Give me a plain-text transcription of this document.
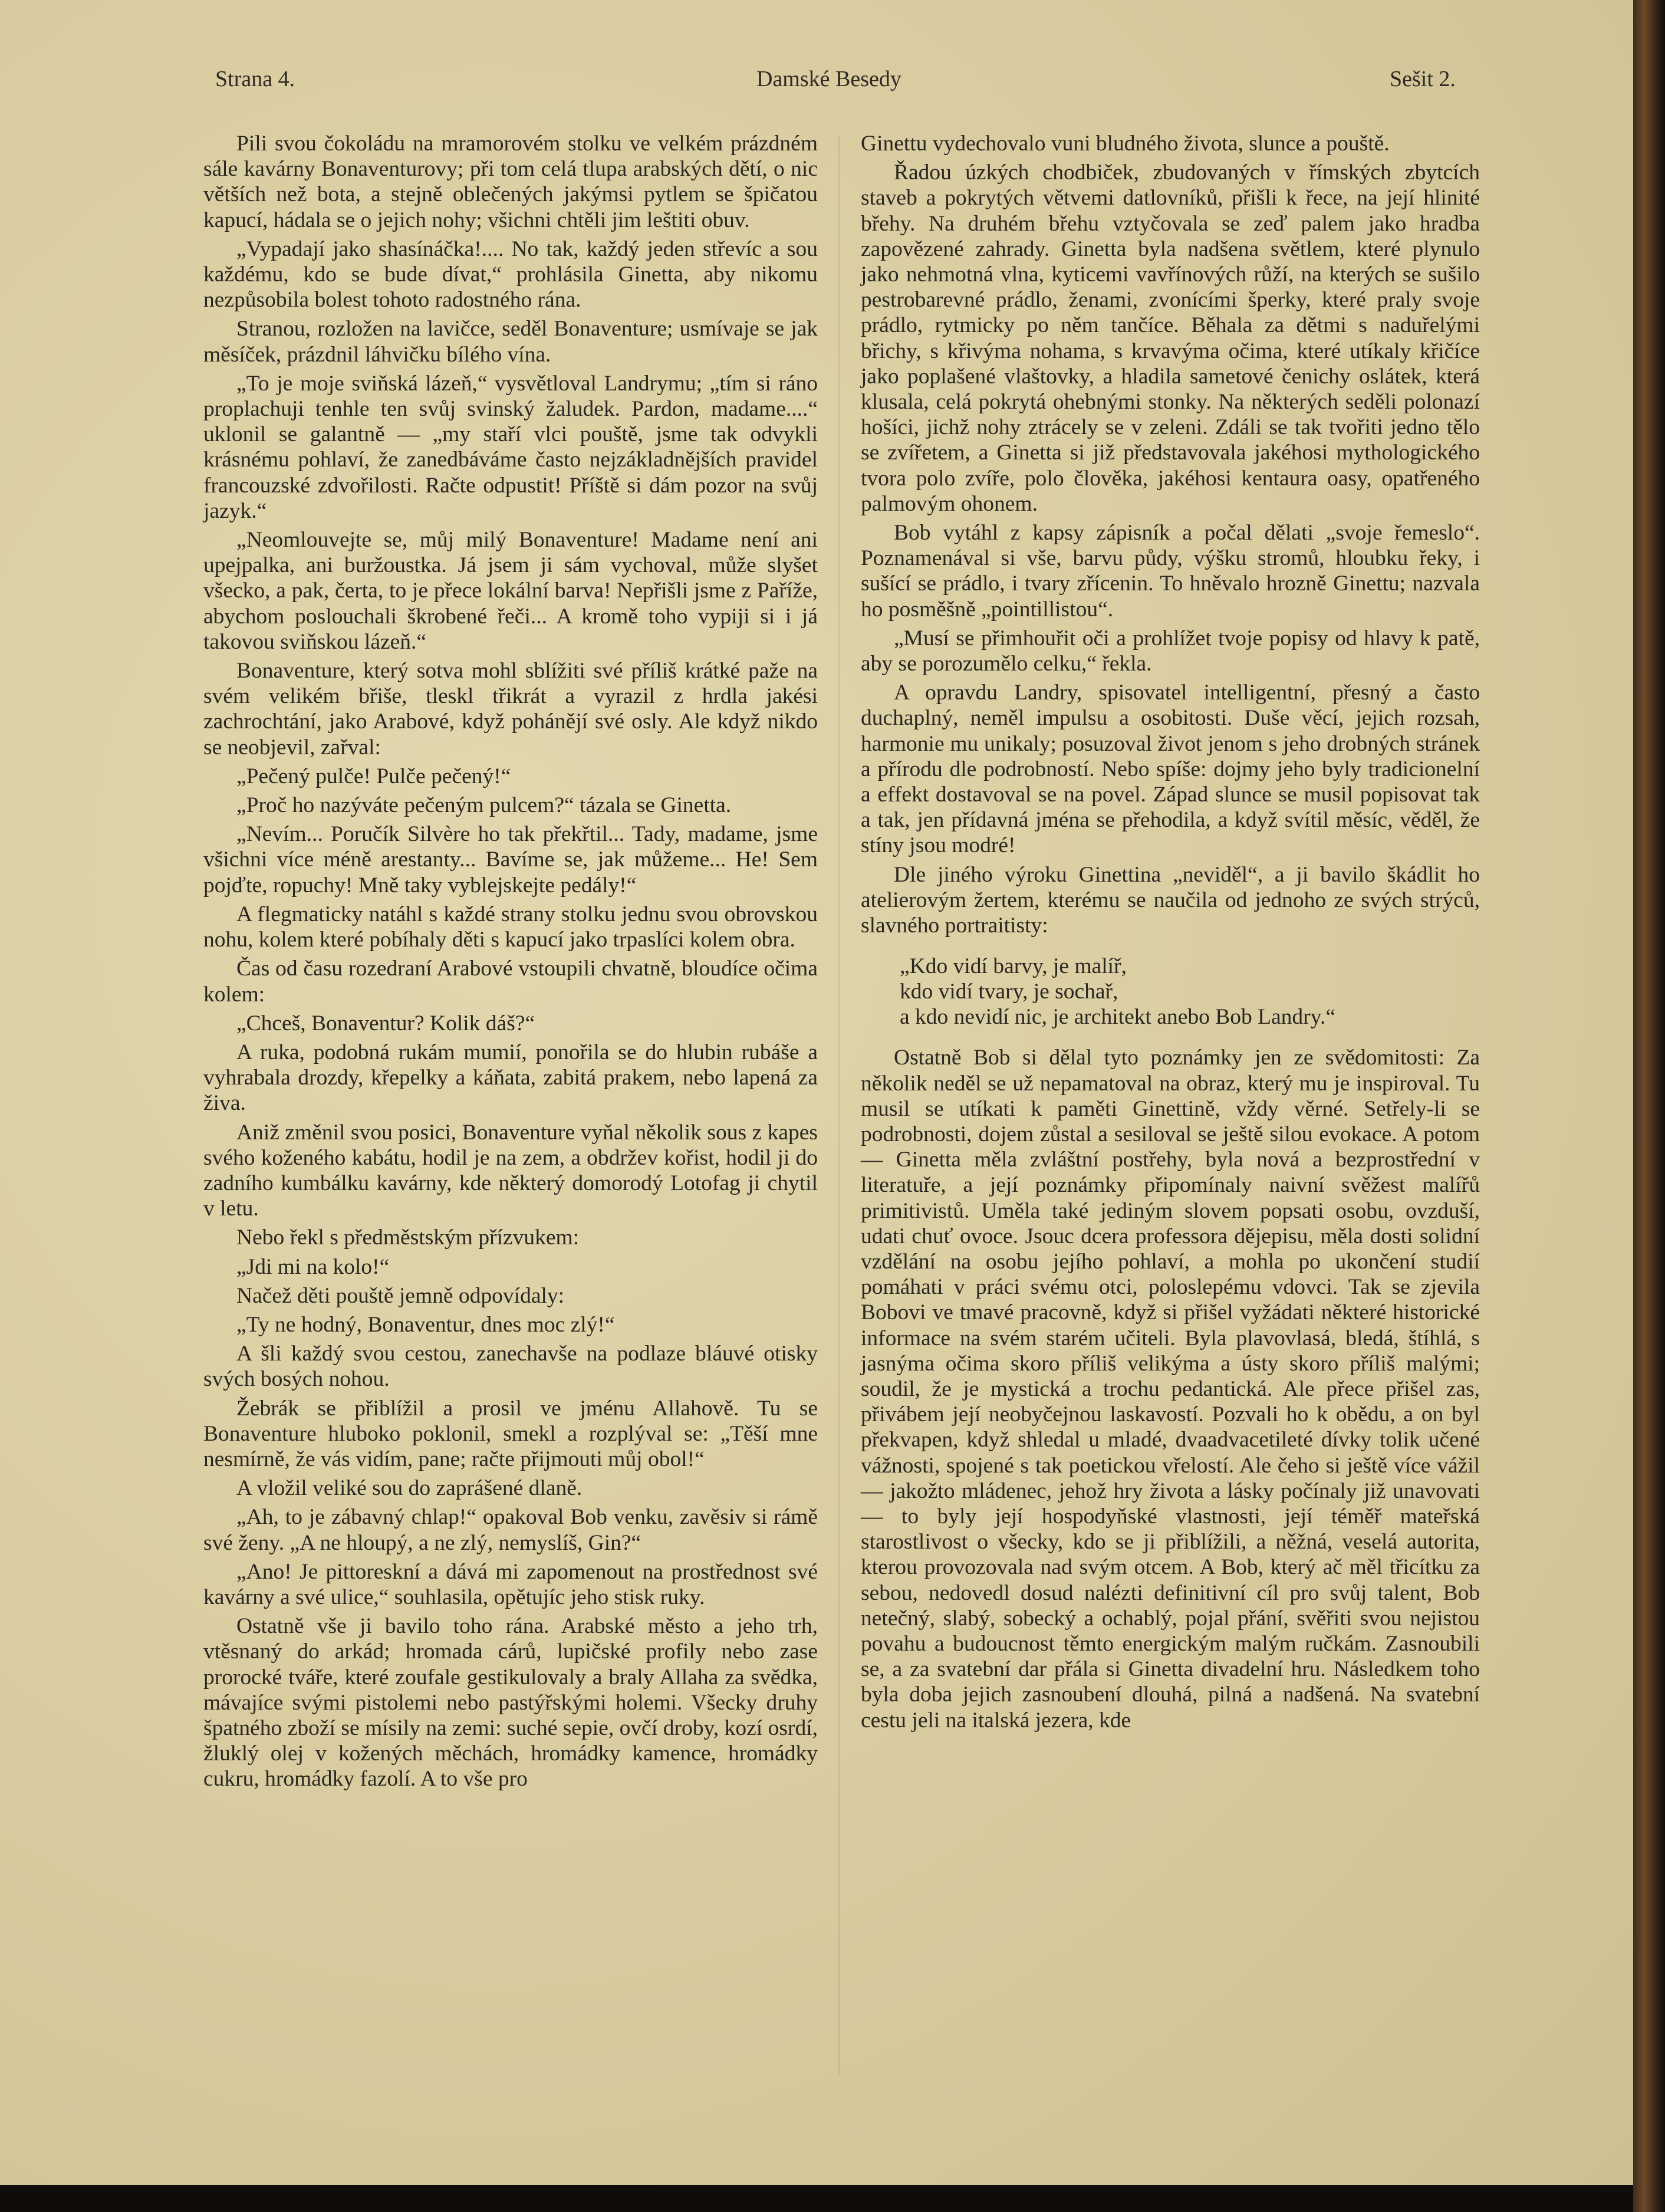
Strana 4.	Damské Besedy	Sešit 2.

Pili svou čokoládu na mramorovém stolku ve velkém prázdném sále kavárny Bonaventurovy; při tom celá tlupa arabských dětí, o nic větších než bota, a stejně oblečených jakýmsi pytlem se špičatou kapucí, hádala se o jejich nohy; všichni chtěli jim leštiti obuv.

„Vypadají jako shasínáčka!.... No tak, každý jeden střevíc a sou každému, kdo se bude dívat,“ prohlásila Ginetta, aby nikomu nezpůsobila bolest tohoto radostného rána.

Stranou, rozložen na lavičce, seděl Bonaventure; usmívaje se jak měsíček, prázdnil láhvičku bílého vína.

„To je moje sviňská lázeň,“ vysvětloval Landrymu; „tím si ráno proplachuji tenhle ten svůj svinský žaludek. Pardon, madame....“ uklonil se galantně — „my staří vlci pouště, jsme tak odvykli krásnému pohlaví, že zanedbáváme často nejzákladnějších pravidel francouzské zdvořilosti. Račte odpustit! Příště si dám pozor na svůj jazyk.“

„Neomlouvejte se, můj milý Bonaventure! Madame není ani upejpalka, ani buržoustka. Já jsem ji sám vychoval, může slyšet všecko, a pak, čerta, to je přece lokální barva! Nepřišli jsme z Paříže, abychom poslouchali škrobené řeči... A kromě toho vypiji si i já takovou sviňskou lázeň.“

Bonaventure, který sotva mohl sblížiti své příliš krátké paže na svém velikém břiše, tleskl třikrát a vyrazil z hrdla jakési zachrochtání, jako Arabové, když pohánějí své osly. Ale když nikdo se neobjevil, zařval:

„Pečený pulče! Pulče pečený!“

„Proč ho nazýváte pečeným pulcem?“ tázala se Ginetta.

„Nevím... Poručík Silvère ho tak překřtil... Tady, madame, jsme všichni více méně arestanty... Bavíme se, jak můžeme... He! Sem pojďte, ropuchy! Mně taky vyblejskejte pedály!“

A flegmaticky natáhl s každé strany stolku jednu svou obrovskou nohu, kolem které pobíhaly děti s kapucí jako trpaslíci kolem obra.

Čas od času rozedraní Arabové vstoupili chvatně, bloudíce očima kolem:

„Chceš, Bonaventur? Kolik dáš?“

A ruka, podobná rukám mumií, ponořila se do hlubin rubáše a vyhrabala drozdy, křepelky a káňata, zabitá prakem, nebo lapená za živa.

Aniž změnil svou posici, Bonaventure vyňal několik sous z kapes svého koženého kabátu, hodil je na zem, a obdržev kořist, hodil ji do zadního kumbálku kavárny, kde některý domorodý Lotofag ji chytil v letu.

Nebo řekl s předměstským přízvukem:

„Jdi mi na kolo!“

Načež děti pouště jemně odpovídaly:

„Ty ne hodný, Bonaventur, dnes moc zlý!“

A šli každý svou cestou, zanechavše na podlaze bláuvé otisky svých bosých nohou.

Žebrák se přiblížil a prosil ve jménu Allahově. Tu se Bonaventure hluboko poklonil, smekl a rozplýval se: „Těší mne nesmírně, že vás vidím, pane; račte přijmouti můj obol!“

A vložil veliké sou do zaprášené dlaně.

„Ah, to je zábavný chlap!“ opakoval Bob venku, zavěsiv si rámě své ženy. „A ne hloupý, a ne zlý, nemyslíš, Gin?“

„Ano! Je pittoreskní a dává mi zapomenout na prostřednost své kavárny a své ulice,“ souhlasila, opětujíc jeho stisk ruky.

Ostatně vše ji bavilo toho rána. Arabské město a jeho trh, vtěsnaný do arkád; hromada cárů, lupičské profily nebo zase prorocké tváře, které zoufale gestikulovaly a braly Allaha za svědka, mávajíce svými pistolemi nebo pastýřskými holemi. Všecky druhy špatného zboží se mísily na zemi: suché sepie, ovčí droby, kozí osrdí, žluklý olej v kožených měchách, hromádky kamence, hromádky cukru, hromádky fazolí. A to vše pro

Ginettu vydechovalo vuni bludného života, slunce a pouště.

Řadou úzkých chodbiček, zbudovaných v římských zbytcích staveb a pokrytých větvemi datlovníků, přišli k řece, na její hlinité břehy. Na druhém břehu vztyčovala se zeď palem jako hradba zapovězené zahrady. Ginetta byla nadšena světlem, které plynulo jako nehmotná vlna, kyticemi vavřínových růží, na kterých se sušilo pestrobarevné prádlo, ženami, zvonícími šperky, které praly svoje prádlo, rytmicky po něm tančíce. Běhala za dětmi s naduřelými břichy, s křivýma nohama, s krvavýma očima, které utíkaly křičíce jako poplašené vlaštovky, a hladila sametové čenichy oslátek, která klusala, celá pokrytá ohebnými stonky. Na některých seděli polonazí hošíci, jichž nohy ztrácely se v zeleni. Zdáli se tak tvořiti jedno tělo se zvířetem, a Ginetta si již představovala jakéhosi mythologického tvora polo zvíře, polo člověka, jakéhosi kentaura oasy, opatřeného palmovým ohonem.

Bob vytáhl z kapsy zápisník a počal dělati „svoje řemeslo“. Poznamenával si vše, barvu půdy, výšku stromů, hloubku řeky, i sušící se prádlo, i tvary zřícenin. To hněvalo hrozně Ginettu; nazvala ho posměšně „pointillistou“.

„Musí se přimhouřit oči a prohlížet tvoje popisy od hlavy k patě, aby se porozumělo celku,“ řekla.

A opravdu Landry, spisovatel intelligentní, přesný a často duchaplný, neměl impulsu a osobitosti. Duše věcí, jejich rozsah, harmonie mu unikaly; posuzoval život jenom s jeho drobných stránek a přírodu dle podrobností. Nebo spíše: dojmy jeho byly tradicionelní a effekt dostavoval se na povel. Západ slunce se musil popisovat tak a tak, jen přídavná jména se přehodila, a když svítil měsíc, věděl, že stíny jsou modré!

Dle jiného výroku Ginettina „neviděl“, a ji bavilo škádlit ho atelierovým žertem, kterému se naučila od jednoho ze svých strýců, slavného portraitisty:

„Kdo vidí barvy, je malíř,
kdo vidí tvary, je sochař,
a kdo nevidí nic, je architekt anebo Bob Landry.“

Ostatně Bob si dělal tyto poznámky jen ze svědomitosti: Za několik neděl se už nepamatoval na obraz, který mu je inspiroval. Tu musil se utíkati k paměti Ginettině, vždy věrné. Setřely-li se podrobnosti, dojem zůstal a sesiloval se ještě silou evokace. A potom — Ginetta měla zvláštní postřehy, byla nová a bezprostřední v literatuře, a její poznámky připomínaly naivní svěžest malířů primitivistů. Uměla také jediným slovem popsati osobu, ovzduší, udati chuť ovoce. Jsouc dcera professora dějepisu, měla dosti solidní vzdělání na osobu jejího pohlaví, a mohla po ukončení studií pomáhati v práci svému otci, poloslepému vdovci. Tak se zjevila Bobovi ve tmavé pracovně, když si přišel vyžádati některé historické informace na svém starém učiteli. Byla plavovlasá, bledá, štíhlá, s jasnýma očima skoro příliš velikýma a ústy skoro příliš malými; soudil, že je mystická a trochu pedantická. Ale přece přišel zas, přivábem její neobyčejnou laskavostí. Pozvali ho k obědu, a on byl překvapen, když shledal u mladé, dvaadvacetileté dívky tolik učené vážnosti, spojené s tak poetickou vřelostí. Ale čeho si ještě více vážil — jakožto mládenec, jehož hry života a lásky počínaly již unavovati — to byly její hospodyňské vlastnosti, její téměř mateřská starostlivost o všecky, kdo se ji přiblížili, a něžná, veselá autorita, kterou provozovala nad svým otcem. A Bob, který ač měl třicítku za sebou, nedovedl dosud nalézti definitivní cíl pro svůj talent, Bob netečný, slabý, sobecký a ochablý, pojal přání, svěřiti svou nejistou povahu a budoucnost těmto energickým malým ručkám. Zasnoubili se, a za svatební dar přála si Ginetta divadelní hru. Následkem toho byla doba jejich zasnoubení dlouhá, pilná a nadšená. Na svatební cestu jeli na italská jezera, kde
